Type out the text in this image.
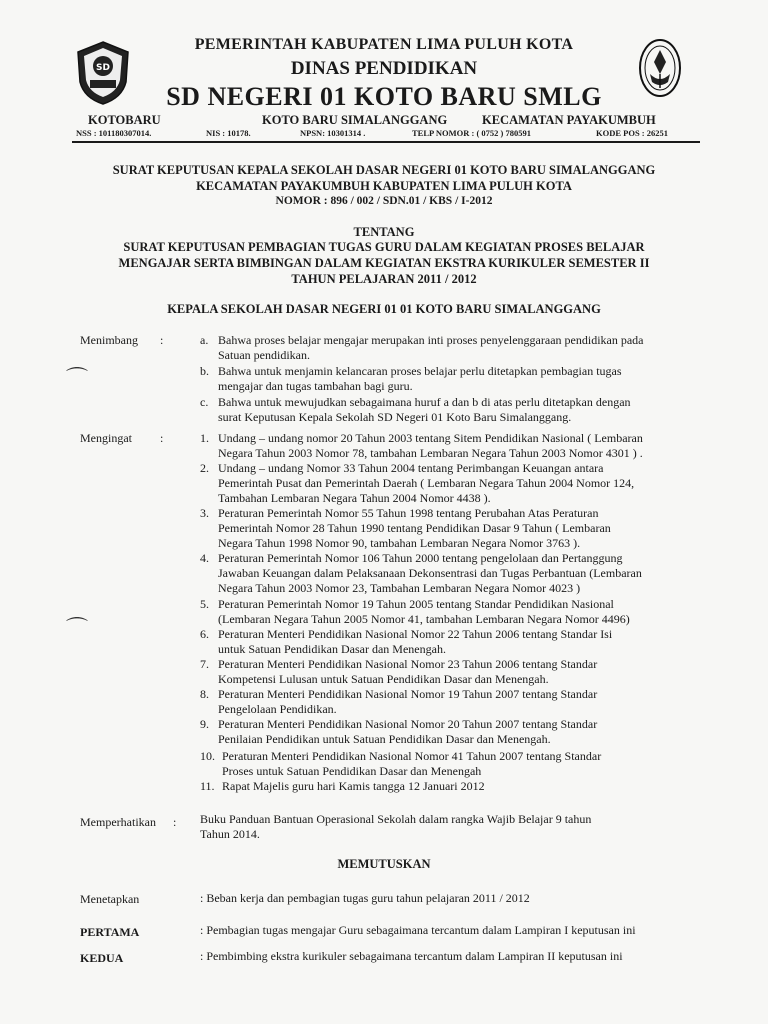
SD
PEMERINTAH KABUPATEN LIMA PULUH KOTA
DINAS PENDIDIKAN
SD NEGERI 01 KOTO BARU SMLG
KOTOBARU	KOTO BARU SIMALANGGANG	KECAMATAN PAYAKUMBUH
NSS : 101180307014.	NIS : 10178.	NPSN: 10301314 .	TELP NOMOR : ( 0752 ) 780591	KODE POS : 26251
SURAT KEPUTUSAN KEPALA SEKOLAH DASAR NEGERI 01 KOTO BARU SIMALANGGANG
KECAMATAN PAYAKUMBUH KABUPATEN LIMA PULUH KOTA
NOMOR : 896 / 002 / SDN.01 / KBS / I-2012
TENTANG
SURAT KEPUTUSAN PEMBAGIAN TUGAS GURU DALAM KEGIATAN PROSES BELAJAR
MENGAJAR SERTA BIMBINGAN DALAM KEGIATAN EKSTRA KURIKULER SEMESTER II
TAHUN PELAJARAN 2011 / 2012
KEPALA SEKOLAH DASAR NEGERI 01 01 KOTO BARU SIMALANGGANG
Menimbang :	a. Bahwa proses belajar mengajar merupakan inti proses penyelenggaraan pendidikan pada
Satuan pendidikan.
b. Bahwa untuk menjamin kelancaran proses belajar perlu ditetapkan pembagian tugas
mengajar dan tugas tambahan bagi guru.
c. Bahwa untuk mewujudkan sebagaimana huruf a dan b di atas perlu ditetapkan dengan
surat Keputusan Kepala Sekolah SD Negeri 01 Koto Baru Simalanggang.
⌒
Mengingat :	1. Undang – undang nomor 20 Tahun 2003 tentang Sitem Pendidikan Nasional ( Lembaran
Negara Tahun 2003 Nomor 78, tambahan Lembaran Negara Tahun 2003 Nomor 4301 ) .
2. Undang – undang Nomor 33 Tahun 2004 tentang Perimbangan Keuangan antara
Pemerintah Pusat dan Pemerintah Daerah ( Lembaran Negara Tahun 2004 Nomor 124,
Tambahan Lembaran Negara Tahun 2004 Nomor 4438 ).
3. Peraturan Pemerintah Nomor 55 Tahun 1998 tentang Perubahan Atas Peraturan
Pemerintah Nomor 28 Tahun 1990 tentang Pendidikan Dasar 9 Tahun ( Lembaran
Negara Tahun 1998 Nomor 90, tambahan Lembaran Negara Nomor 3763 ).
4. Peraturan Pemerintah Nomor 106 Tahun 2000 tentang pengelolaan dan Pertanggung
Jawaban Keuangan dalam Pelaksanaan Dekonsentrasi dan Tugas Perbantuan (Lembaran
Negara Tahun 2003 Nomor 23, Tambahan Lembaran Negara Nomor 4023 )
5. Peraturan Pemerintah Nomor 19 Tahun 2005 tentang Standar Pendidikan Nasional
(Lembaran Negara Tahun 2005 Nomor 41, tambahan Lembaran Negara Nomor 4496)
6. Peraturan Menteri Pendidikan Nasional Nomor 22 Tahun 2006 tentang Standar Isi
untuk Satuan Pendidikan Dasar dan Menengah.
7. Peraturan Menteri Pendidikan Nasional Nomor 23 Tahun 2006 tentang Standar
Kompetensi Lulusan untuk Satuan Pendidikan Dasar dan Menengah.
8. Peraturan Menteri Pendidikan Nasional Nomor 19 Tahun 2007 tentang Standar
Pengelolaan Pendidikan.
9. Peraturan Menteri Pendidikan Nasional Nomor 20 Tahun 2007 tentang Standar
Penilaian Pendidikan untuk Satuan Pendidikan Dasar dan Menengah.
10. Peraturan Menteri Pendidikan Nasional Nomor 41 Tahun 2007 tentang Standar
Proses untuk Satuan Pendidikan Dasar dan Menengah
11. Rapat Majelis guru hari Kamis tangga 12 Januari 2012
⌒
Memperhatikan : Buku Panduan Bantuan Operasional Sekolah dalam rangka Wajib Belajar 9 tahun
Tahun 2014.
MEMUTUSKAN
Menetapkan	: Beban kerja dan pembagian tugas guru tahun pelajaran 2011 / 2012
PERTAMA	: Pembagian tugas mengajar Guru sebagaimana tercantum dalam Lampiran I keputusan ini
KEDUA	: Pembimbing ekstra kurikuler sebagaimana tercantum dalam Lampiran II keputusan ini
